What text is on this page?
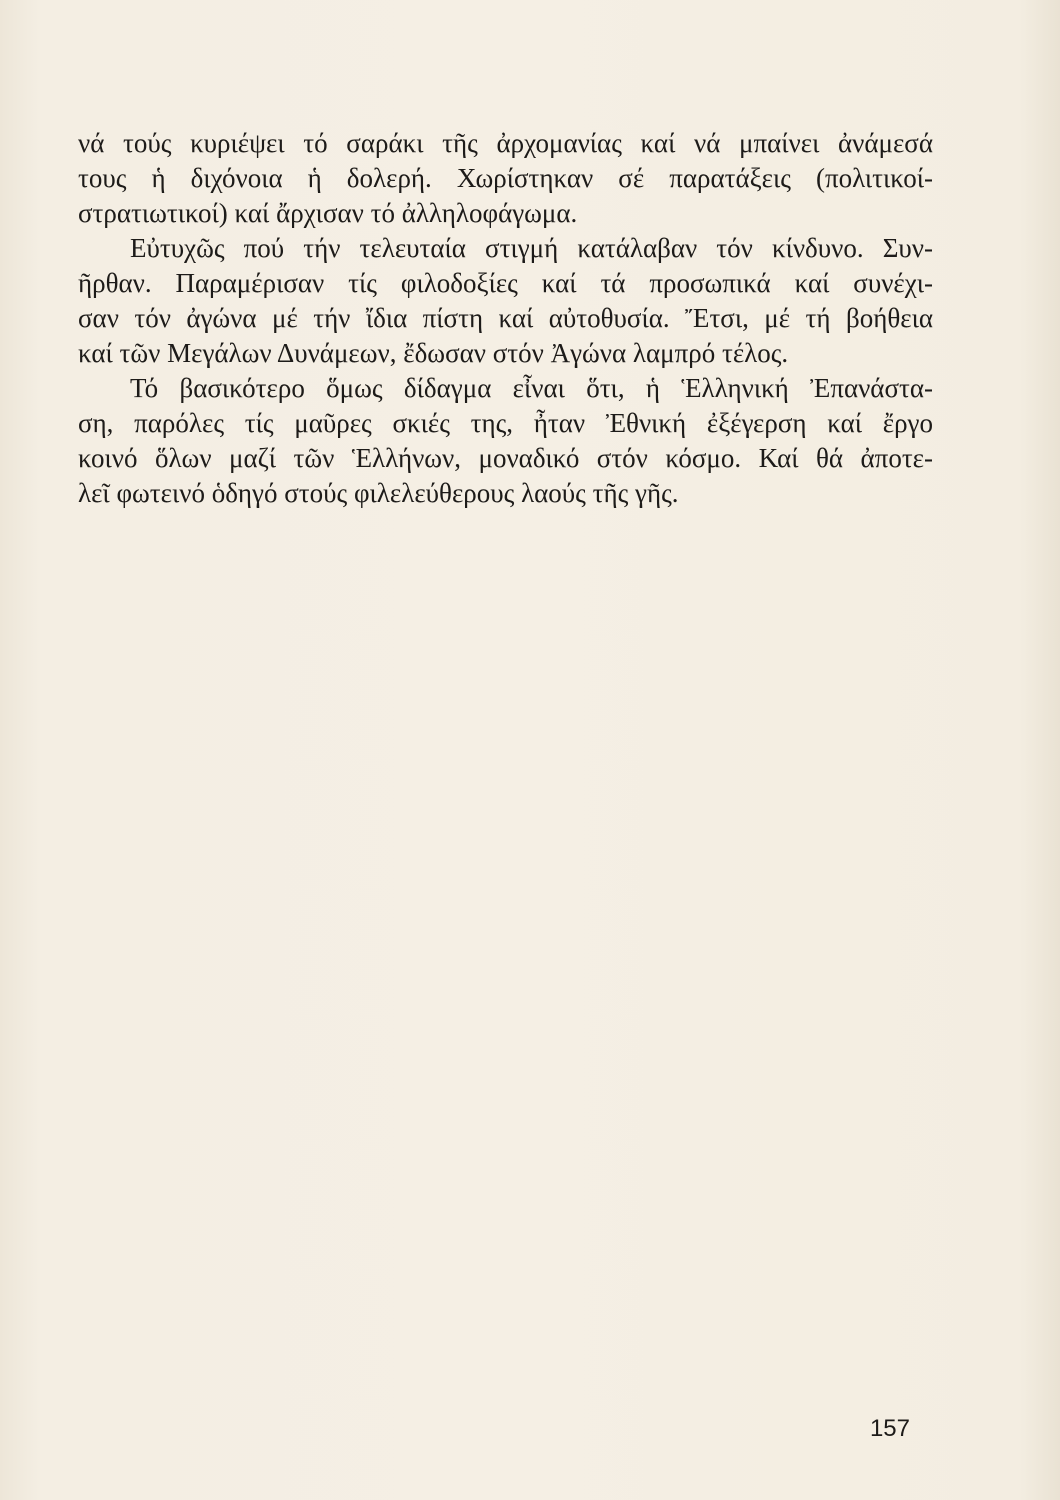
νά τούς κυριέψει τό σαράκι τῆς ἀρχομανίας καί νά μπαίνει ἀνάμεσά
τους ἡ διχόνοια ἡ δολερή. Χωρίστηκαν σέ παρατάξεις (πολιτικοί-
στρατιωτικοί) καί ἄρχισαν τό ἀλληλοφάγωμα.
Εὐτυχῶς πού τήν τελευταία στιγμή κατάλαβαν τόν κίνδυνο. Συν-
ῆρθαν. Παραμέρισαν τίς φιλοδοξίες καί τά προσωπικά καί συνέχι-
σαν τόν ἀγώνα μέ τήν ἴδια πίστη καί αὐτοθυσία. Ἔτσι, μέ τή βοήθεια
καί τῶν Μεγάλων Δυνάμεων, ἔδωσαν στόν Ἀγώνα λαμπρό τέλος.
Τό βασικότερο ὅμως δίδαγμα εἶναι ὅτι, ἡ Ἑλληνική Ἐπανάστα-
ση, παρόλες τίς μαῦρες σκιές της, ἦταν Ἐθνική ἐξέγερση καί ἔργο
κοινό ὅλων μαζί τῶν Ἑλλήνων, μοναδικό στόν κόσμο. Καί θά ἀποτε-
λεῖ φωτεινό ὁδηγό στούς φιλελεύθερους λαούς τῆς γῆς.
157
